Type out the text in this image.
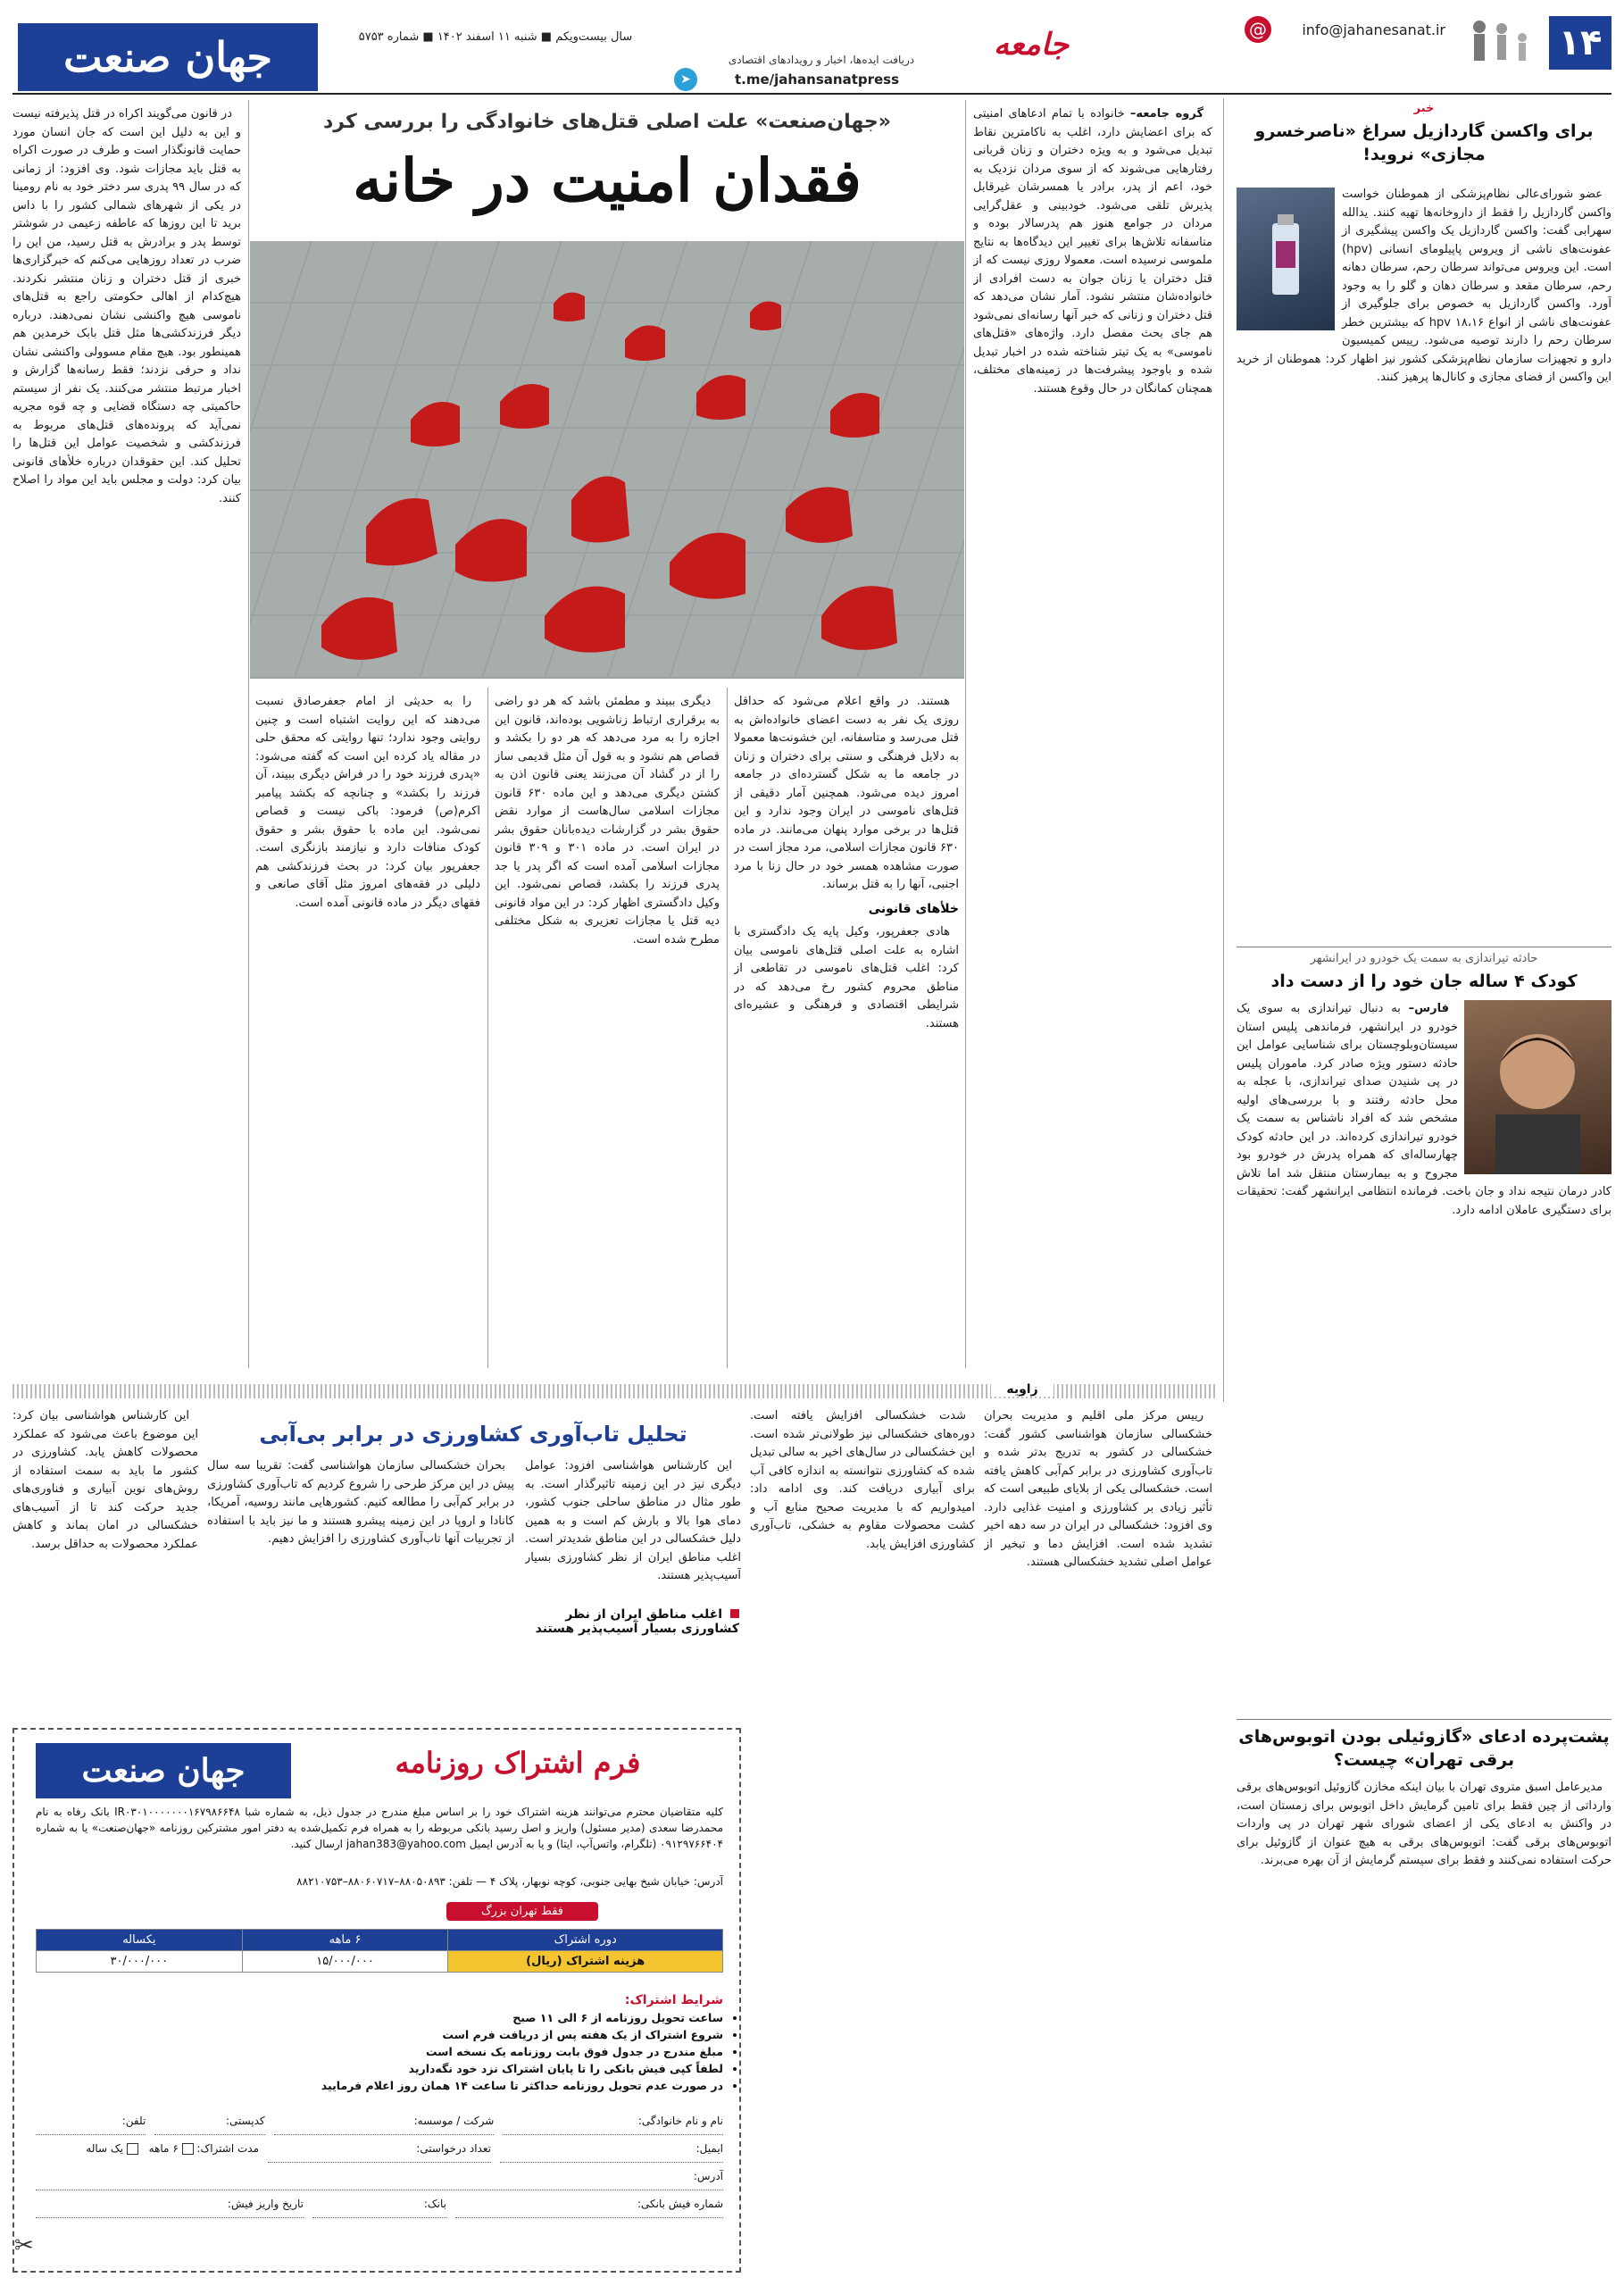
۱۴
info@jahanesanat.ir
@
جامعه
دریافت ایده‌ها، اخبار و رویدادهای اقتصادی
t.me/jahansanatpress
➤
سال بیست‌ویکم ■ شنبه ۱۱ اسفند ۱۴۰۲ ■ شماره ۵۷۵۳
جهان صنعت
خبر
برای واکسن گاردازیل سراغ «ناصرخسرو مجازی» نروید!

عضو شورای‌عالی نظام‌پزشکی از هموطنان خواست واکسن گاردازیل را فقط از داروخانه‌ها تهیه کنند. یدالله سهرابی گفت: واکسن گاردازیل یک واکسن پیشگیری از عفونت‌های ناشی از ویروس پاپیلومای انسانی (hpv) است. این ویروس می‌تواند سرطان رحم، سرطان دهانه رحم، سرطان مقعد و سرطان دهان و گلو را به وجود آورد. واکسن گاردازیل به خصوص برای جلوگیری از عفونت‌های ناشی از انواع hpv ۱۸،۱۶ که بیشترین خطر سرطان رحم را دارند توصیه می‌شود. رییس کمیسیون دارو و تجهیزات سازمان نظام‌پزشکی کشور نیز اظهار کرد: هموطنان از خرید این واکسن از فضای مجازی و کانال‌ها پرهیز کنند.

حادثه تیراندازی به سمت یک خودرو در ایرانشهر
کودک ۴ ساله جان خود را از دست داد

فارس– به دنبال تیراندازی به سوی یک خودرو در ایرانشهر، فرماندهی پلیس استان سیستان‌وبلوچستان برای شناسایی عوامل این حادثه دستور ویژه صادر کرد. ماموران پلیس در پی شنیدن صدای تیراندازی، با عجله به محل حادثه رفتند و با بررسی‌های اولیه مشخص شد که افراد ناشناس به سمت یک خودرو تیراندازی کرده‌اند. در این حادثه کودک چهارساله‌ای که همراه پدرش در خودرو بود مجروح و به بیمارستان منتقل شد اما تلاش کادر درمان نتیجه نداد و جان باخت. فرمانده انتظامی ایرانشهر گفت: تحقیقات برای دستگیری عاملان ادامه دارد.

پشت‌پرده ادعای «گازوئیلی بودن اتوبوس‌های برقی تهران» چیست؟

مدیرعامل اسبق متروی تهران با بیان اینکه مخازن گازوئیل اتوبوس‌های برقی وارداتی از چین فقط برای تامین گرمایش داخل اتوبوس برای زمستان است، در واکنش به ادعای یکی از اعضای شورای شهر تهران در پی واردات اتوبوس‌های برقی گفت: اتوبوس‌های برقی به هیچ عنوان از گازوئیل برای حرکت استفاده نمی‌کنند و فقط برای سیستم گرمایش از آن بهره می‌برند.

«جهان‌صنعت» علت اصلی قتل‌های خانوادگی را بررسی کرد
فقدان امنیت در خانه

گروه جامعه– خانواده با تمام ادعاهای امنیتی که برای اعضایش دارد، اغلب به ناکامترین نقاط تبدیل می‌شود و به ویژه دختران و زنان قربانی رفتارهایی می‌شوند که از سوی مردان نزدیک به خود، اعم از پدر، برادر یا همسرشان غیرقابل پذیرش تلقی می‌شود. خودبینی و عقل‌گرایی مردان در جوامع هنوز هم پدرسالار بوده و متاسفانه تلاش‌ها برای تغییر این دیدگاه‌ها به نتایج ملموسی نرسیده است. معمولا روزی نیست که از قتل دختران یا زنان جوان به دست افرادی از خانواده‌شان منتشر نشود. آمار نشان می‌دهد که قتل دختران و زنانی که خبر آنها رسانه‌ای نمی‌شود هم جای بحث مفصل دارد. واژه‌های «قتل‌های ناموسی» به یک تیتر شناخته شده در اخبار تبدیل شده و باوجود پیشرفت‌ها در زمینه‌های مختلف، همچنان کمانگان در حال وقوع هستند.

هستند. در واقع اعلام می‌شود که حداقل روزی یک نفر به دست اعضای خانواده‌اش به قتل می‌رسد و متاسفانه، این خشونت‌ها معمولا به دلایل فرهنگی و سنتی برای دختران و زنان در جامعه ما به شکل گسترده‌ای در جامعه امروز دیده می‌شود. همچنین آمار دقیقی از قتل‌های ناموسی در ایران وجود ندارد و این قتل‌ها در برخی موارد پنهان می‌مانند. در ماده ۶۳۰ قانون مجازات اسلامی، مرد مجاز است در صورت مشاهده همسر خود در حال زنا با مرد اجنبی، آنها را به قتل برساند.

خلأهای قانونی

هادی جعفرپور، وکیل پایه یک دادگستری با اشاره به علت اصلی قتل‌های ناموسی بیان کرد: اغلب قتل‌های ناموسی در تقاطعی از مناطق محروم کشور رخ می‌دهد که در شرایطی اقتصادی و فرهنگی و عشیره‌ای هستند.

دیگری ببیند و مطمئن باشد که هر دو راضی به برقراری ارتباط زناشویی بوده‌اند، قانون این اجازه را به مرد می‌دهد که هر دو را بکشد و قصاص هم نشود و به قول آن مثل قدیمی ساز را از در گشاد آن می‌زنند یعنی قانون اذن به کشتن دیگری می‌دهد و این ماده ۶۳۰ قانون مجازات اسلامی سال‌هاست از موارد نقض حقوق بشر در گزارشات دیده‌بانان حقوق بشر در ایران است. در ماده ۳۰۱ و ۳۰۹ قانون مجازات اسلامی آمده است که اگر پدر یا جد پدری فرزند را بکشد، قصاص نمی‌شود. این وکیل دادگستری اظهار کرد: در این مواد قانونی دیه قتل یا مجازات تعزیری به شکل مختلفی مطرح شده است.

را به حدیثی از امام جعفرصادق نسبت می‌دهند که این روایت اشتباه است و چنین روایتی وجود ندارد؛ تنها روایتی که محقق حلی در مقاله یاد کرده این است که گفته می‌شود: «پدری فرزند خود را در فراش دیگری ببیند، آن فرزند را بکشد» و چنانچه که بکشد پیامبر اکرم(ص) فرمود: باکی نیست و قصاص نمی‌شود. این ماده با حقوق بشر و حقوق کودک منافات دارد و نیازمند بازنگری است. جعفرپور بیان کرد: در بحث فرزندکشی هم دلیلی در فقه‌های امروز مثل آقای صانعی و فقهای دیگر در ماده قانونی آمده است.

در قانون می‌گویند اکراه در قتل پذیرفته نیست و این به دلیل این است که جان انسان مورد حمایت قانونگذار است و طرف در صورت اکراه به قتل باید مجازات شود. وی افزود: از زمانی که در سال ۹۹ پدری سر دختر خود به نام رومینا در یکی از شهرهای شمالی کشور را با داس برید تا این روزها که عاطفه زعیمی در شوشتر توسط پدر و برادرش به قتل رسید، من این را ضرب در تعداد روزهایی می‌کنم که خبرگزاری‌ها خبری از قتل دختران و زنان منتشر نکردند. هیچ‌کدام از اهالی حکومتی راجع به قتل‌های ناموسی هیچ واکنشی نشان نمی‌دهند. درباره دیگر فرزندکشی‌ها مثل قتل بابک خرمدین هم همینطور بود. هیچ مقام مسوولی واکنشی نشان نداد و حرفی نزدند؛ فقط رسانه‌ها گزارش و اخبار مرتبط منتشر می‌کنند. یک نفر از سیستم حاکمیتی چه دستگاه قضایی و چه قوه مجریه نمی‌آید که پرونده‌های قتل‌های مربوط به فرزندکشی و شخصیت عوامل این قتل‌ها را تحلیل کند. این حقوقدان درباره خلأهای قانونی بیان کرد: دولت و مجلس باید این مواد را اصلاح کنند.

زاویه

رییس مرکز ملی اقلیم و مدیریت بحران خشکسالی سازمان هواشناسی کشور گفت: خشکسالی در کشور به تدریج بدتر شده و تاب‌آوری کشاورزی در برابر کم‌آبی کاهش یافته است. خشکسالی یکی از بلایای طبیعی است که تأثیر زیادی بر کشاورزی و امنیت غذایی دارد. وی افزود: خشکسالی در ایران در سه دهه اخیر تشدید شده است. افزایش دما و تبخیر از عوامل اصلی تشدید خشکسالی هستند.

شدت خشکسالی افزایش یافته است. دوره‌های خشکسالی نیز طولانی‌تر شده است. این خشکسالی در سال‌های اخیر به سالی تبدیل شده که کشاورزی نتوانسته به اندازه کافی آب برای آبیاری دریافت کند. وی ادامه داد: امیدواریم که با مدیریت صحیح منابع آب و کشت محصولات مقاوم به خشکی، تاب‌آوری کشاورزی افزایش یابد.

تحلیل تاب‌آوری کشاورزی در برابر بی‌آبی
اغلب مناطق ایران از نظر کشاورزی بسیار آسیب‌پذیر هستند

این کارشناس هواشناسی افزود: عوامل دیگری نیز در این زمینه تاثیرگذار است. به طور مثال در مناطق ساحلی جنوب کشور، دمای هوا بالا و بارش کم است و به همین دلیل خشکسالی در این مناطق شدیدتر است. اغلب مناطق ایران از نظر کشاورزی بسیار آسیب‌پذیر هستند.

بحران خشکسالی سازمان هواشناسی گفت: تقریبا سه سال پیش در این مرکز طرحی را شروع کردیم که تاب‌آوری کشاورزی در برابر کم‌آبی را مطالعه کنیم. کشورهایی مانند روسیه، آمریکا، کانادا و اروپا در این زمینه پیشرو هستند و ما نیز باید با استفاده از تجربیات آنها تاب‌آوری کشاورزی را افزایش دهیم.

این کارشناس هواشناسی بیان کرد: این موضوع باعث می‌شود که عملکرد محصولات کاهش یابد. کشاورزی در کشور ما باید به سمت استفاده از روش‌های نوین آبیاری و فناوری‌های جدید حرکت کند تا از آسیب‌های خشکسالی در امان بماند و کاهش عملکرد محصولات به حداقل برسد.

جهان صنعت	فرم اشتراک روزنامه
کلیه متقاضیان محترم می‌توانند هزینه اشتراک خود را بر اساس مبلغ مندرج در جدول ذیل، به شماره شبا IR۰۳۰۱۰۰۰۰۰۰۰۱۶۷۹۸۶۶۴۸ بانک رفاه به نام محمدرضا سعدی (مدیر مسئول) واریز و اصل رسید بانکی مربوطه را به همراه فرم تکمیل‌شده به دفتر امور مشترکین روزنامه «جهان‌صنعت» یا به شماره ۰۹۱۲۹۷۶۶۴۰۴ (تلگرام، واتس‌آپ، ایتا) و یا به آدرس ایمیل jahan383@yahoo.com ارسال کنید.
آدرس: خیابان شیخ بهایی جنوبی، کوچه نوبهار، پلاک ۴ — تلفن: ۸۸۰۵۰۸۹۳–۸۸۰۶۰۷۱۷–۸۸۲۱۰۷۵۳
فقط تهران بزرگ
دوره اشتراک	۶ ماهه	یکساله
هزینه اشتراک (ریال)	۱۵/۰۰۰/۰۰۰	۳۰/۰۰۰/۰۰۰
شرایط اشتراک:
• ساعت تحویل روزنامه از ۶ الی ۱۱ صبح
• شروع اشتراک از یک هفته پس از دریافت فرم است
• مبلغ مندرج در جدول فوق بابت روزنامه یک نسخه است
• لطفاً کپی فیش بانکی را تا پایان اشتراک نزد خود نگه‌دارید
• در صورت عدم تحویل روزنامه حداکثر تا ساعت ۱۴ همان روز اعلام فرمایید
نام و نام خانوادگی:
شرکت / موسسه:
کدپستی:
تلفن:
ایمیل:
تعداد درخواستی:
مدت اشتراک:  ۶ ماهه  یک ساله
آدرس:
شماره فیش بانکی:
بانک:
تاریخ واریز فیش:
✂
